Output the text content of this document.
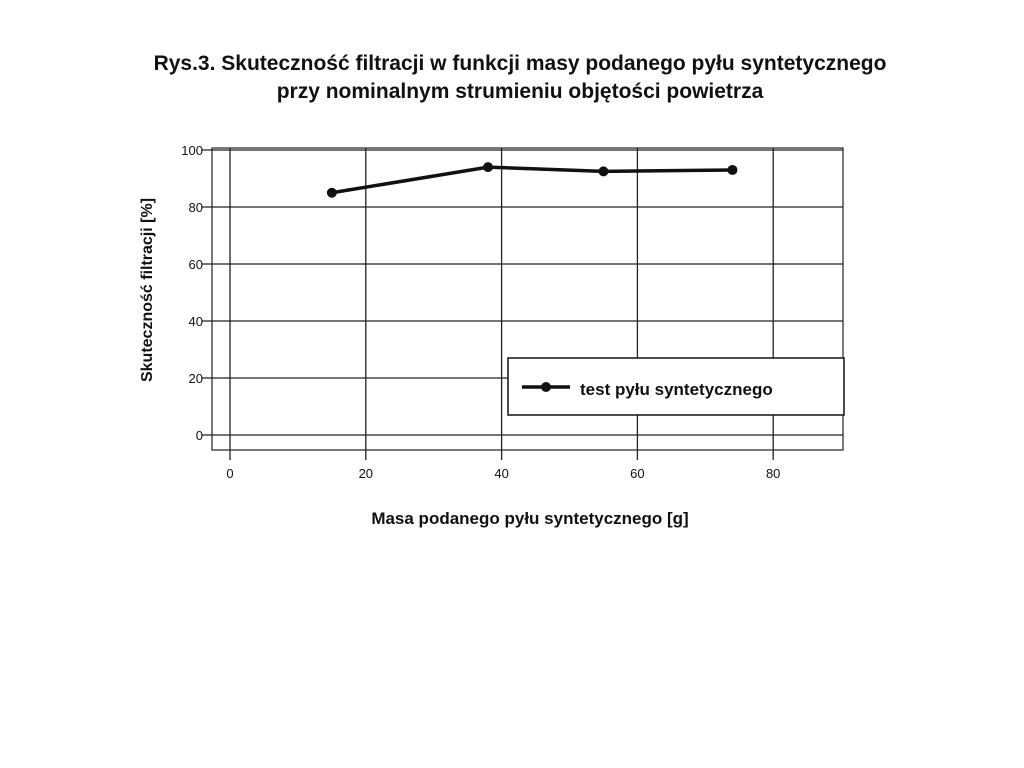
Rys.3. Skuteczność filtracji w funkcji masy podanego pyłu syntetycznego
przy nominalnym strumieniu objętości powietrza
0
20
40
60
80
100
0	20	40	60	80
test pyłu syntetycznego
Masa podanego pyłu syntetycznego [g]
Skuteczność filtracji [%]
